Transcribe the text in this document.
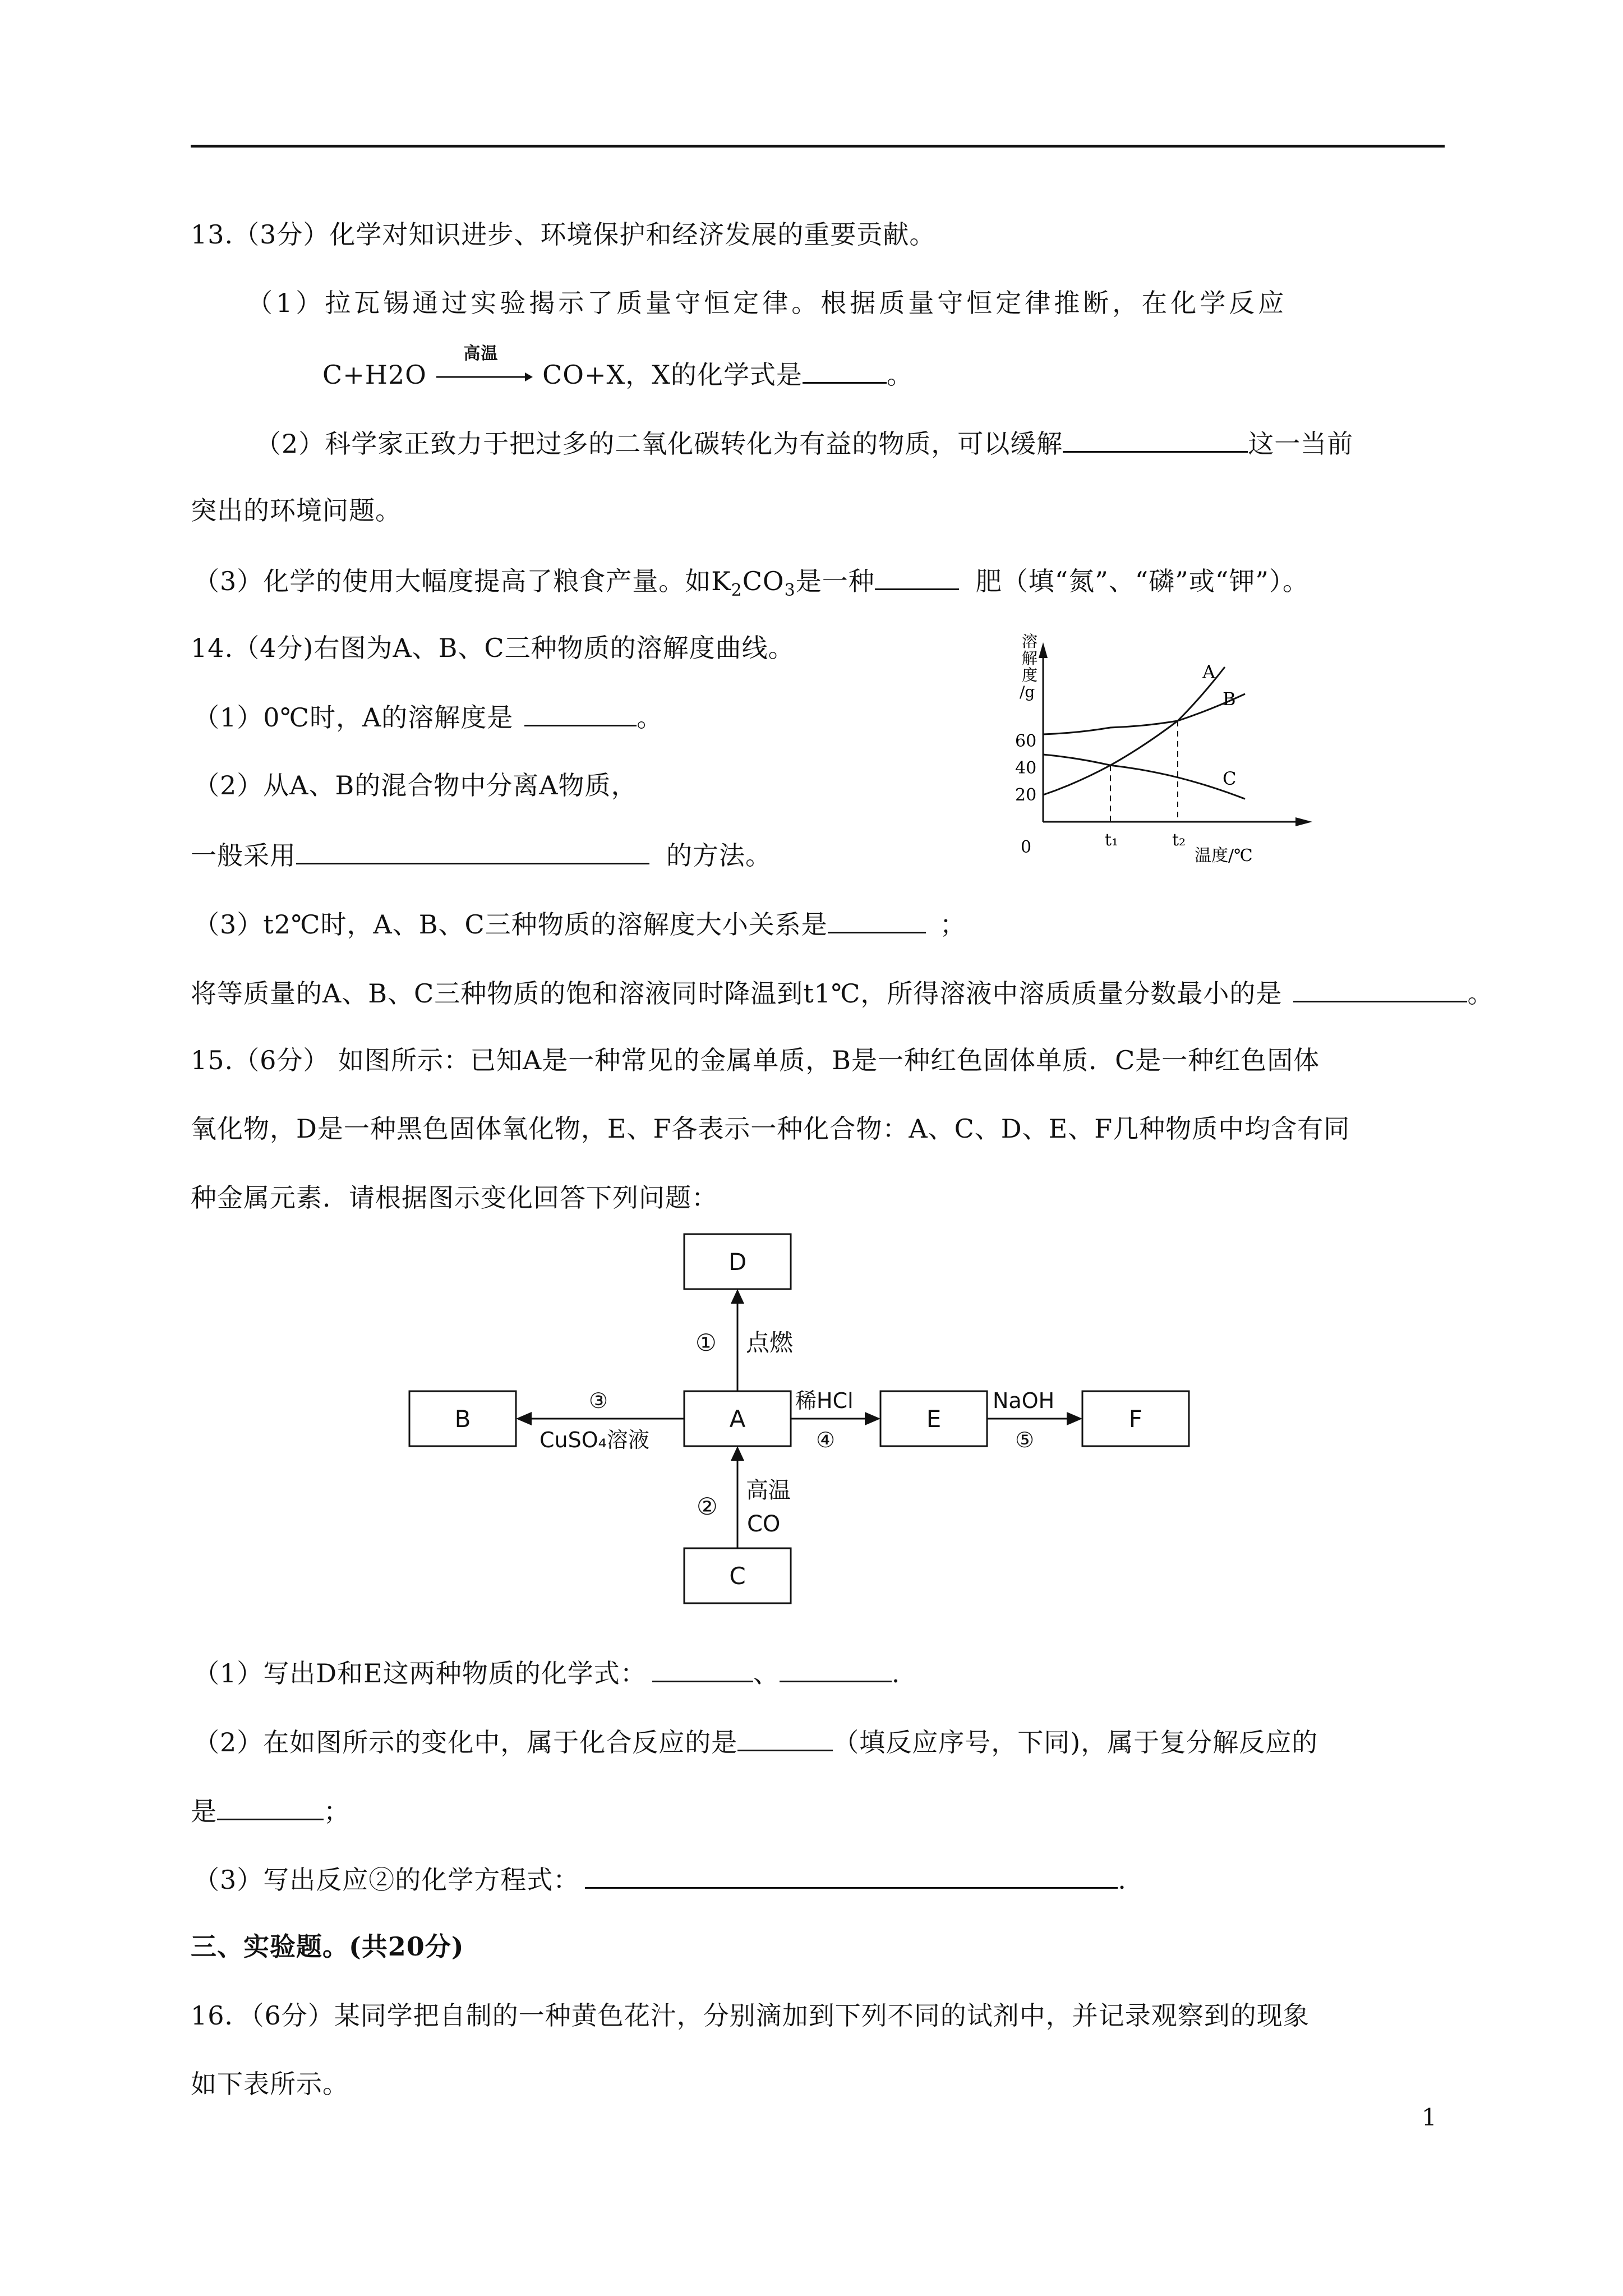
13.（3分）化学对知识进步、环境保护和经济发展的重要贡献。
（1）拉瓦锡通过实验揭示了质量守恒定律。根据质量守恒定律推断，在化学反应
C+H2O
高温
CO+X，X的化学式是	。
（2）科学家正致力于把过多的二氧化碳转化为有益的物质，可以缓解	这一当前
突出的环境问题。
（3）化学的使用大幅度提高了粮食产量。如$K_2CO_3$是一种	肥（填“氮”、“磷”或“钾”）。
14.（4分)右图为A、B、C三种物质的溶解度曲线。
（1）0℃时，A的溶解度是	。
（2）从A、B的混合物中分离A物质，
一般采用	的方法。
（3）t2℃时，A、B、C三种物质的溶解度大小关系是	；
将等质量的A、B、C三种物质的饱和溶液同时降温到t1℃，所得溶液中溶质质量分数最小的是	。
溶解度/g
温度/℃
0
20
40
60
t₁	t₂
A
B
C
15.（6分） 如图所示：已知A是一种常见的金属单质，B是一种红色固体单质．C是一种红色固体
氧化物，D是一种黑色固体氧化物，E、F各表示一种化合物：A、C、D、E、F几种物质中均含有同
种金属元素．请根据图示变化回答下列问题：
D
A
B	E	F
C
① 点燃
③
CuSO₄溶液
稀HCl
④
NaOH
⑤
②
高温
CO
（1）写出D和E这两种物质的化学式：	、	.
（2）在如图所示的变化中，属于化合反应的是	（填反应序号，下同)，属于复分解反应的
是	；
（3）写出反应②的化学方程式：	.
三、实验题。(共20分)
16．（6分）某同学把自制的一种黄色花汁，分别滴加到下列不同的试剂中，并记录观察到的现象
如下表所示。
1
